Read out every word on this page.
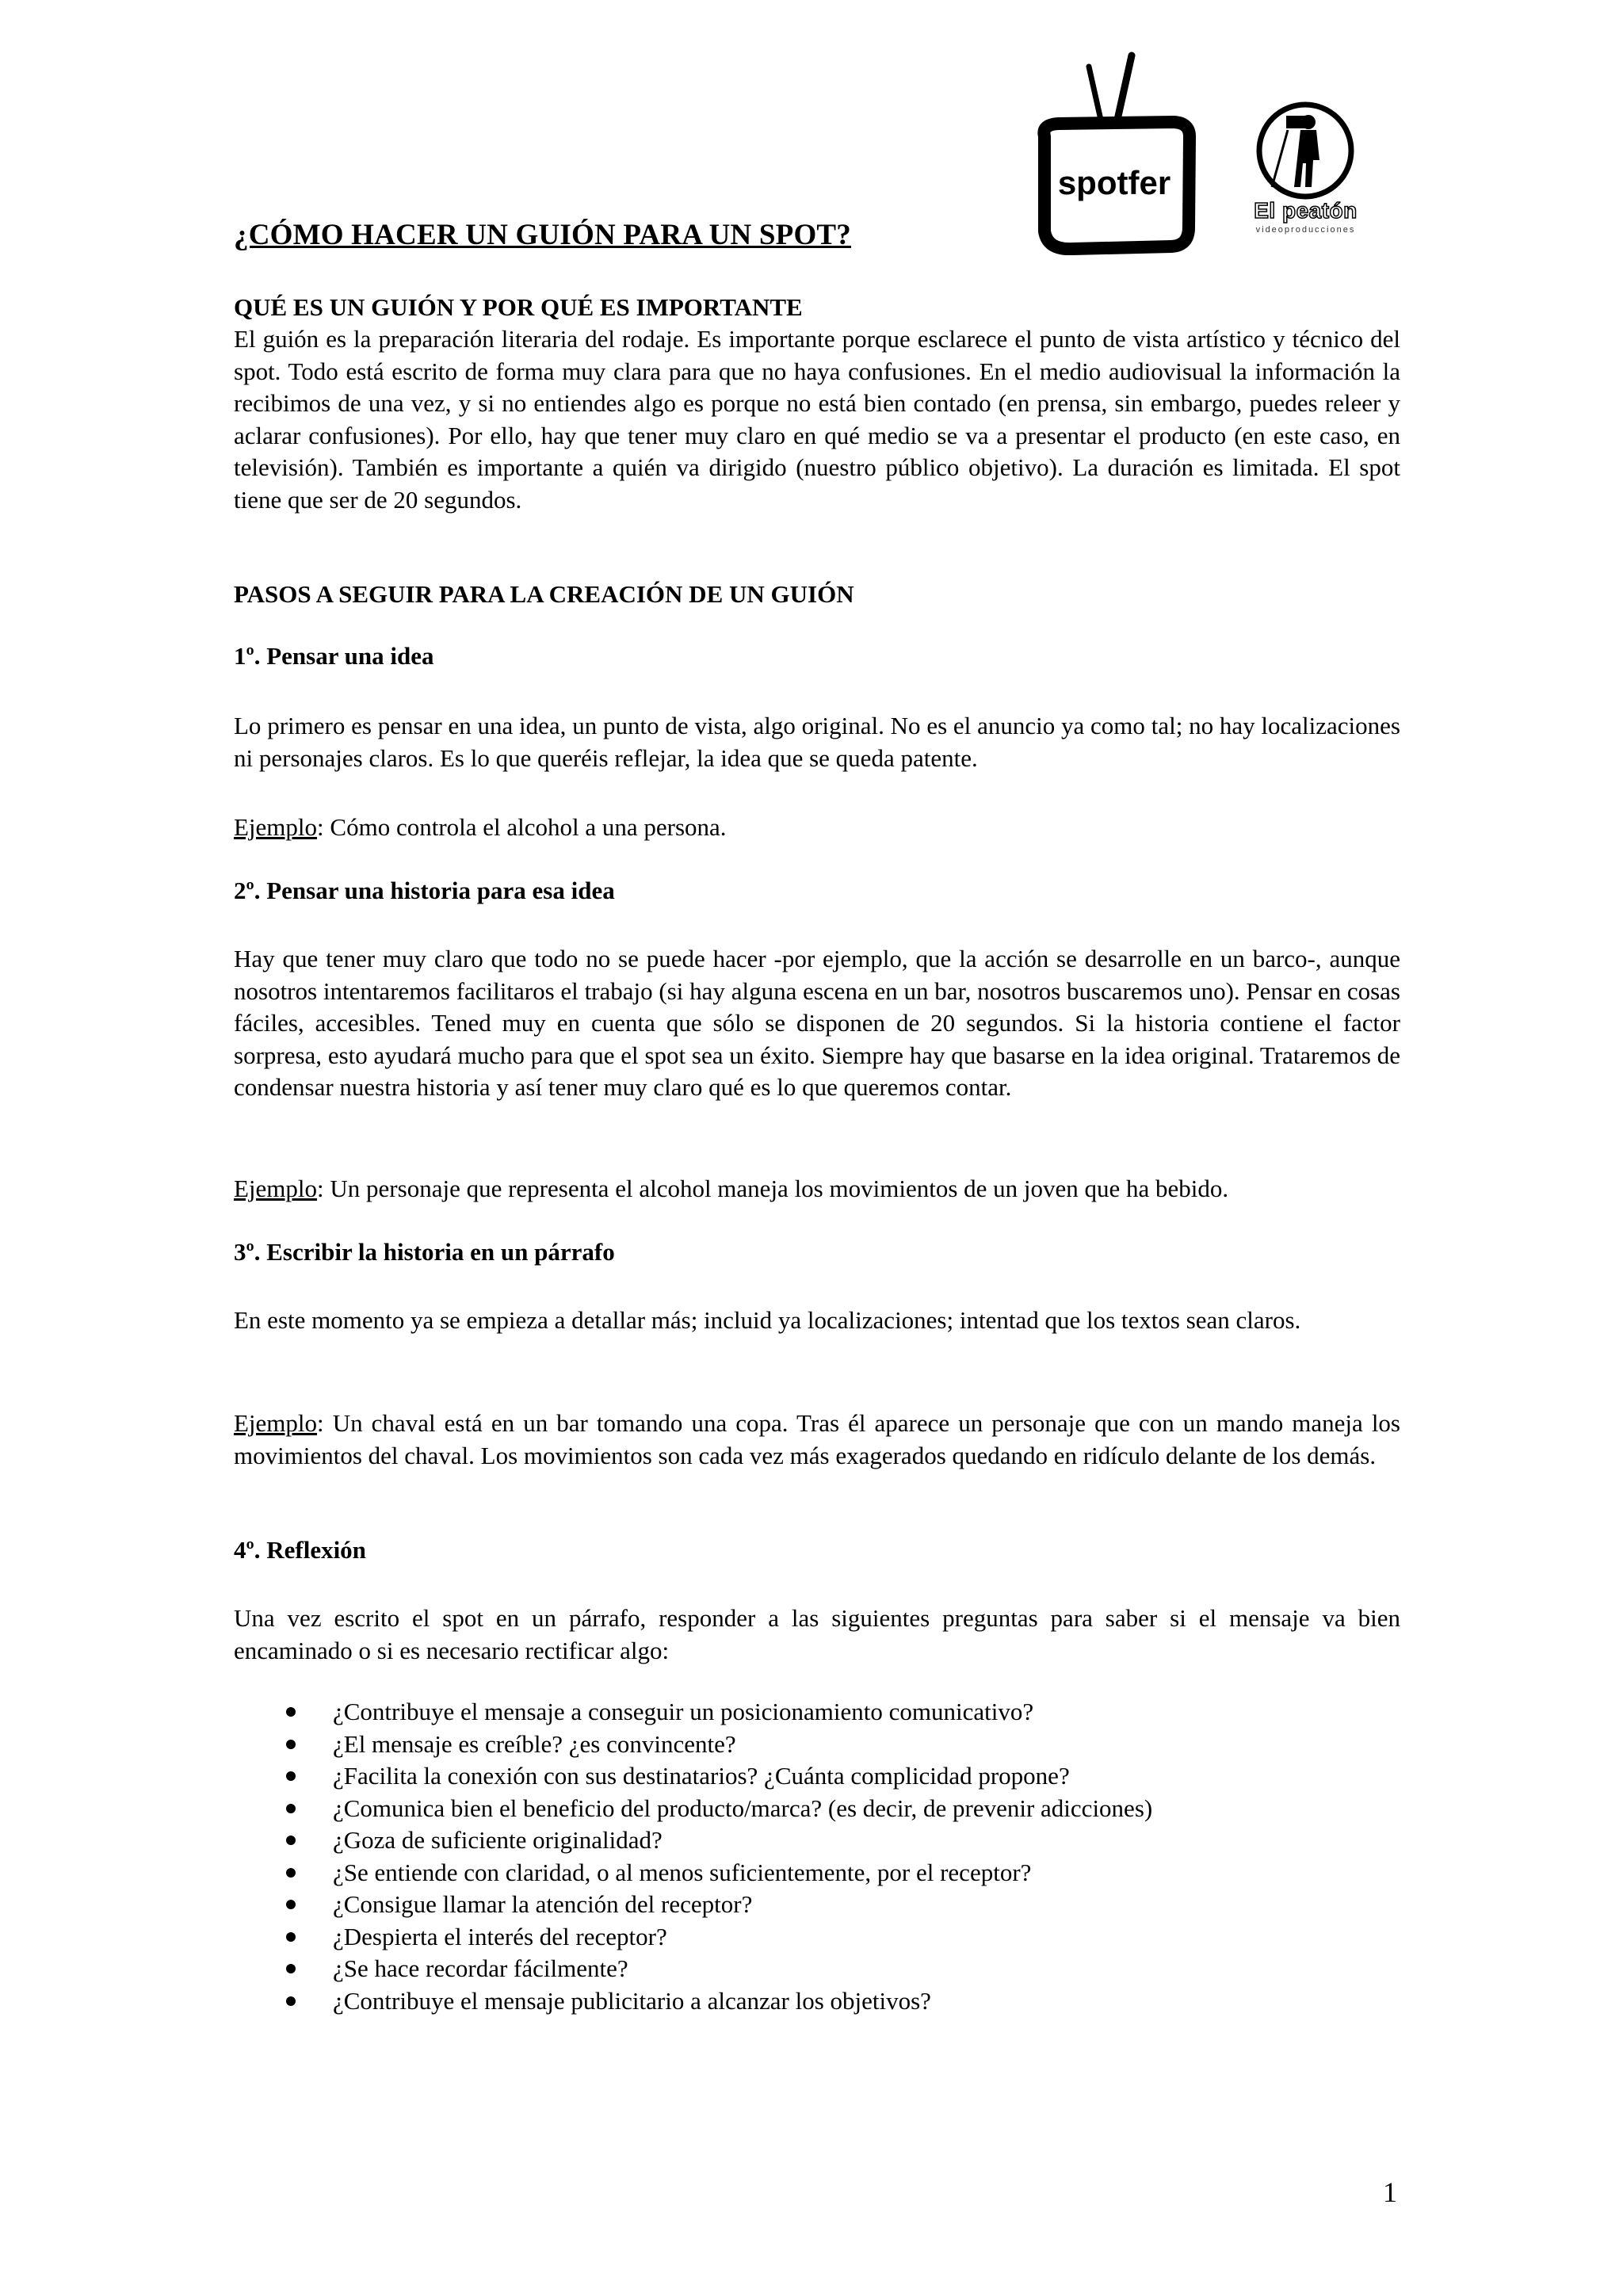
spotfer
El peatón
videoproducciones
¿CÓMO HACER UN GUIÓN PARA UN SPOT?
QUÉ ES UN GUIÓN Y POR QUÉ ES IMPORTANTE

El guión es la preparación literaria del rodaje. Es importante porque esclarece el punto de vista artístico y técnico del spot. Todo está escrito de forma muy clara para que no haya confusiones. En el medio audiovisual la información la recibimos de una vez, y si no entiendes algo es porque no está bien contado (en prensa, sin embargo, puedes releer y aclarar confusiones). Por ello, hay que tener muy claro en qué medio se va a presentar el producto (en este caso, en televisión). También es importante a quién va dirigido (nuestro público objetivo). La duración es limitada. El spot tiene que ser de 20 segundos.

PASOS A SEGUIR PARA LA CREACIÓN DE UN GUIÓN
1º. Pensar una idea

Lo primero es pensar en una idea, un punto de vista, algo original. No es el anuncio ya como tal; no hay localizaciones ni personajes claros. Es lo que queréis reflejar, la idea que se queda patente.

Ejemplo: Cómo controla el alcohol a una persona.

2º. Pensar una historia para esa idea

Hay que tener muy claro que todo no se puede hacer -por ejemplo, que la acción se desarrolle en un barco-, aunque nosotros intentaremos facilitaros el trabajo (si hay alguna escena en un bar, nosotros buscaremos uno). Pensar en cosas fáciles, accesibles. Tened muy en cuenta que sólo se disponen de 20 segundos. Si la historia contiene el factor sorpresa, esto ayudará mucho para que el spot sea un éxito. Siempre hay que basarse en la idea original. Trataremos de condensar nuestra historia y así tener muy claro qué es lo que queremos contar.

Ejemplo: Un personaje que representa el alcohol maneja los movimientos de un joven que ha bebido.

3º. Escribir la historia en un párrafo

En este momento ya se empieza a detallar más; incluid ya localizaciones; intentad que los textos sean claros.

Ejemplo: Un chaval está en un bar tomando una copa. Tras él aparece un personaje que con un mando maneja los movimientos del chaval. Los movimientos son cada vez más exagerados quedando en ridículo delante de los demás.

4º. Reflexión

Una vez escrito el spot en un párrafo, responder a las siguientes preguntas para saber si el mensaje va bien encaminado o si es necesario rectificar algo:

¿Contribuye el mensaje a conseguir un posicionamiento comunicativo?
¿El mensaje es creíble? ¿es convincente?
¿Facilita la conexión con sus destinatarios? ¿Cuánta complicidad propone?
¿Comunica bien el beneficio del producto/marca? (es decir, de prevenir adicciones)
¿Goza de suficiente originalidad?
¿Se entiende con claridad, o al menos suficientemente, por el receptor?
¿Consigue llamar la atención del receptor?
¿Despierta el interés del receptor?
¿Se hace recordar fácilmente?
¿Contribuye el mensaje publicitario a alcanzar los objetivos?
1
